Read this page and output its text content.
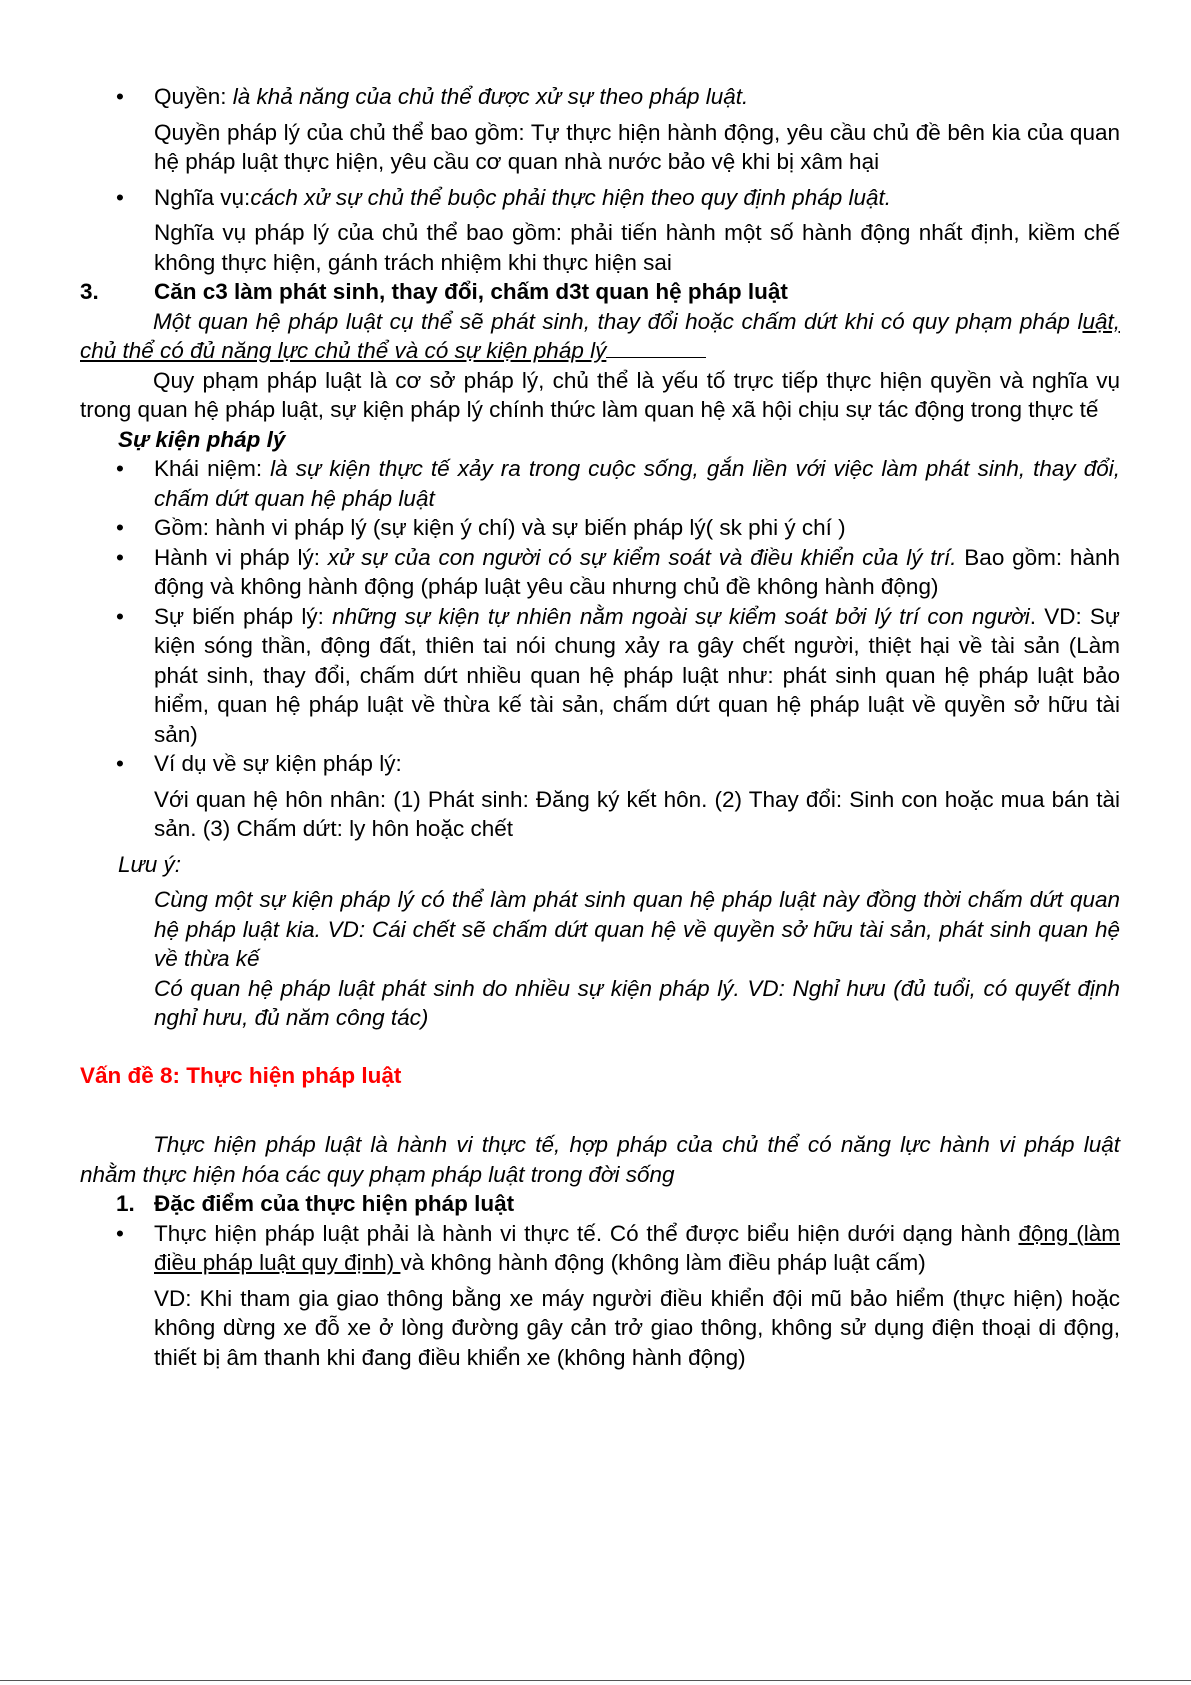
• Quyền: là khả năng của chủ thể được xử sự theo pháp luật.

Quyền pháp lý của chủ thể bao gồm: Tự thực hiện hành động, yêu cầu chủ đề bên kia của quan hệ pháp luật thực hiện, yêu cầu cơ quan nhà nước bảo vệ khi bị xâm hại

• Nghĩa vụ:cách xử sự chủ thể buộc phải thực hiện theo quy định pháp luật.

Nghĩa vụ pháp lý của chủ thể bao gồm: phải tiến hành một số hành động nhất định, kiềm chế không thực hiện, gánh trách nhiệm khi thực hiện sai

3. Căn c3 làm phát sinh, thay đổi, chấm d3t quan hệ pháp luật

Một quan hệ pháp luật cụ thể sẽ phát sinh, thay đổi hoặc chấm dứt khi có quy phạm pháp luật, chủ thể có đủ năng lực chủ thể và có sự kiện pháp lý

Quy phạm pháp luật là cơ sở pháp lý, chủ thể là yếu tố trực tiếp thực hiện quyền và nghĩa vụ trong quan hệ pháp luật, sự kiện pháp lý chính thức làm quan hệ xã hội chịu sự tác động trong thực tế

Sự kiện pháp lý

• Khái niệm: là sự kiện thực tế xảy ra trong cuộc sống, gắn liền với việc làm phát sinh, thay đổi, chấm dứt quan hệ pháp luật

• Gồm: hành vi pháp lý (sự kiện ý chí) và sự biến pháp lý( sk phi ý chí )

• Hành vi pháp lý: xử sự của con người có sự kiểm soát và điều khiển của lý trí. Bao gồm: hành động và không hành động (pháp luật yêu cầu nhưng chủ đề không hành động)

• Sự biến pháp lý: những sự kiện tự nhiên nằm ngoài sự kiểm soát bởi lý trí con người. VD: Sự kiện sóng thần, động đất, thiên tai nói chung xảy ra gây chết người, thiệt hại về tài sản (Làm phát sinh, thay đổi, chấm dứt nhiều quan hệ pháp luật như: phát sinh quan hệ pháp luật bảo hiểm, quan hệ pháp luật về thừa kế tài sản, chấm dứt quan hệ pháp luật về quyền sở hữu tài sản)

• Ví dụ về sự kiện pháp lý:

Với quan hệ hôn nhân: (1) Phát sinh: Đăng ký kết hôn. (2) Thay đổi: Sinh con hoặc mua bán tài sản. (3) Chấm dứt: ly hôn hoặc chết

Lưu ý:

Cùng một sự kiện pháp lý có thể làm phát sinh quan hệ pháp luật này đồng thời chấm dứt quan hệ pháp luật kia. VD: Cái chết sẽ chấm dứt quan hệ về quyền sở hữu tài sản, phát sinh quan hệ về thừa kế

Có quan hệ pháp luật phát sinh do nhiều sự kiện pháp lý. VD: Nghỉ hưu (đủ tuổi, có quyết định nghỉ hưu, đủ năm công tác)

Vấn đề 8: Thực hiện pháp luật

Thực hiện pháp luật là hành vi thực tế, hợp pháp của chủ thể có năng lực hành vi pháp luật nhằm thực hiện hóa các quy phạm pháp luật trong đời sống

1. Đặc điểm của thực hiện pháp luật

• Thực hiện pháp luật phải là hành vi thực tế. Có thể được biểu hiện dưới dạng hành động (làm điều pháp luật quy định) và không hành động (không làm điều pháp luật cấm)

VD: Khi tham gia giao thông bằng xe máy người điều khiển đội mũ bảo hiểm (thực hiện) hoặc không dừng xe đỗ xe ở lòng đường gây cản trở giao thông, không sử dụng điện thoại di động, thiết bị âm thanh khi đang điều khiển xe (không hành động)
